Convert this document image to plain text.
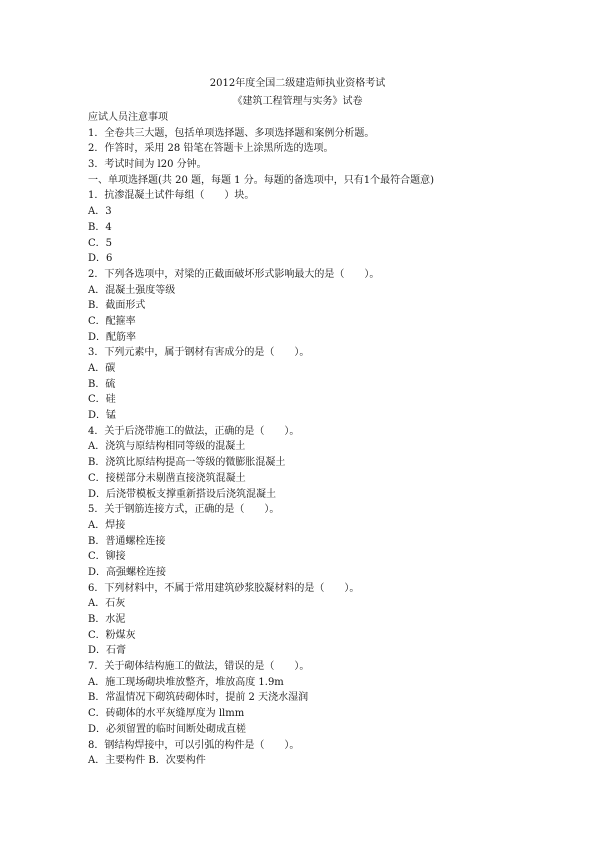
2012年度全国二级建造师执业资格考试
《建筑工程管理与实务》试卷
应试人员注意事项
1．全卷共三大题，包括单项选择题、多项选择题和案例分析题。
2．作答时，采用 28 铅笔在答题卡上涂黑所选的选项。
3．考试时间为 l20 分钟。
一、单项选择题(共 20 题，每题 1 分。每题的备选项中，只有1个最符合题意)
1．抗渗混凝土试件每组（　　）块。
A．3
B．4
C．5
D．6
2．下列各选项中，对梁的正截面破坏形式影响最大的是（　　）。
A．混凝土强度等级
B．截面形式
C．配箍率
D．配筋率
3．下列元素中，属于钢材有害成分的是（　　）。
A．碳
B．硫
C．硅
D．锰
4．关于后浇带施工的做法，正确的是（　　）。
A．浇筑与原结构相同等级的混凝土
B．浇筑比原结构提高一等级的微膨胀混凝土
C．接槎部分未剔凿直接浇筑混凝土
D．后浇带模板支撑重新搭设后浇筑混凝土
5．关于钢筋连接方式，正确的是（　　）。
A．焊接
B．普通螺栓连接
C．铆接
D．高强螺栓连接
6．下列材料中，不属于常用建筑砂浆胶凝材料的是（　　）。
A．石灰
B．水泥
C．粉煤灰
D．石膏
7．关于砌体结构施工的做法，错误的是（　　）。
A．施工现场砌块堆放整齐，堆放高度 1.9m
B．常温情况下砌筑砖砌体时，提前 2 天浇水湿润
C．砖砌体的水平灰缝厚度为 llmm
D．必须留置的临时间断处砌成直槎
8．钢结构焊接中，可以引弧的构件是（　　）。
A．主要构件 B．次要构件
